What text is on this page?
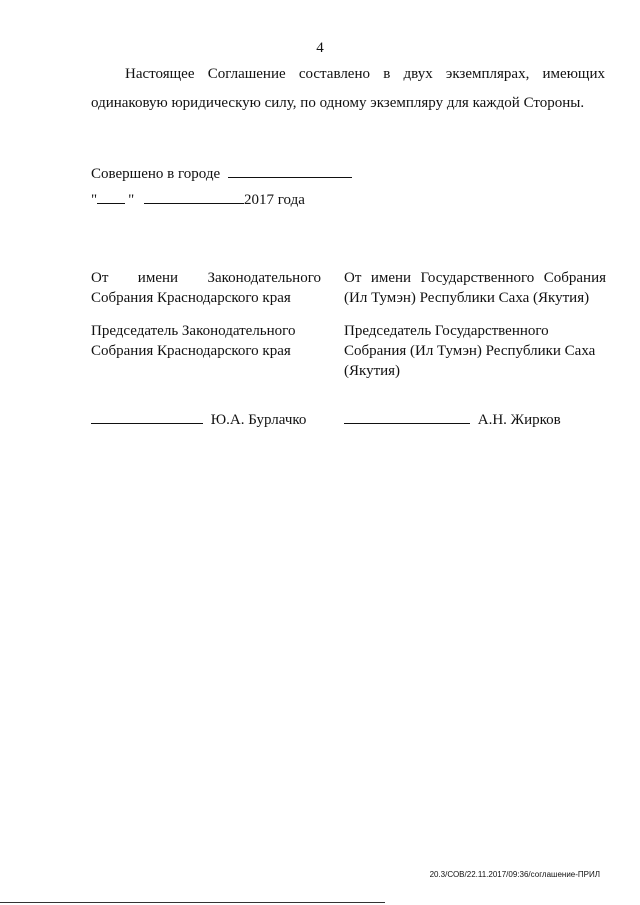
4
Настоящее Соглашение составлено в двух экземплярах, имеющих одинаковую юридическую силу, по одному экземпляру для каждой Стороны.
Совершено в городе
" "	2017 года
От имени Законодательного Собрания Краснодарского края
От имени Государственного Собрания (Ил Тумэн) Республики Саха (Якутия)
Председатель Законодательного Собрания Краснодарского края
Председатель Государственного Собрания (Ил Тумэн) Республики Саха (Якутия)
Ю.А. Бурлачко	А.Н. Жирков
20.3/СОВ/22.11.2017/09:36/соглашение-ПРИЛ
